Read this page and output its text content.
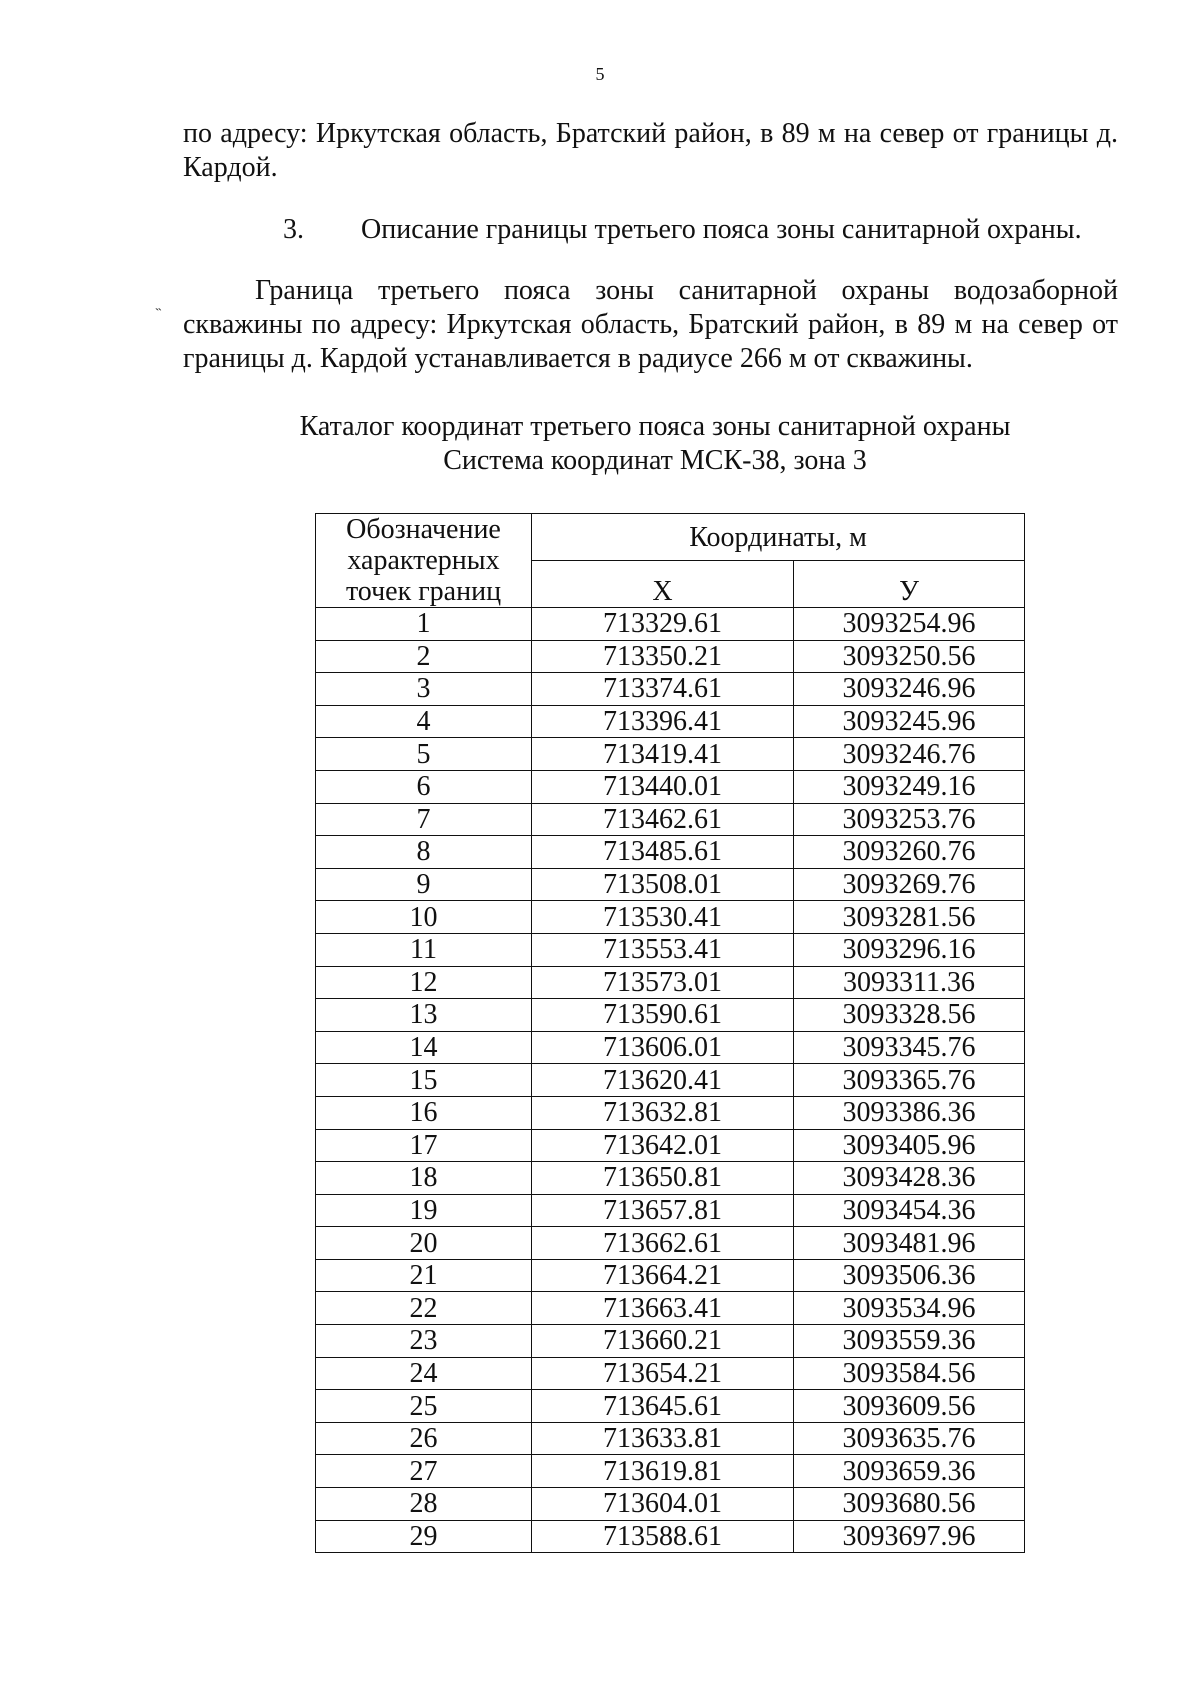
5
по адресу: Иркутская область, Братский район, в 89 м на север от границы д. Кардой.
3. Описание границы третьего пояса зоны санитарной охраны.
˵
Граница третьего пояса зоны санитарной охраны водозаборной скважины по адресу: Иркутская область, Братский район, в 89 м на север от границы д. Кардой устанавливается в радиусе 266 м от скважины.
Каталог координат третьего пояса зоны санитарной охраны
Система координат МСК-38, зона 3
Обозначение характерных точек границ	Координаты, м	
	X	У
1	713329.61	3093254.96
2	713350.21	3093250.56
3	713374.61	3093246.96
4	713396.41	3093245.96
5	713419.41	3093246.76
6	713440.01	3093249.16
7	713462.61	3093253.76
8	713485.61	3093260.76
9	713508.01	3093269.76
10	713530.41	3093281.56
11	713553.41	3093296.16
12	713573.01	3093311.36
13	713590.61	3093328.56
14	713606.01	3093345.76
15	713620.41	3093365.76
16	713632.81	3093386.36
17	713642.01	3093405.96
18	713650.81	3093428.36
19	713657.81	3093454.36
20	713662.61	3093481.96
21	713664.21	3093506.36
22	713663.41	3093534.96
23	713660.21	3093559.36
24	713654.21	3093584.56
25	713645.61	3093609.56
26	713633.81	3093635.76
27	713619.81	3093659.36
28	713604.01	3093680.56
29	713588.61	3093697.96
